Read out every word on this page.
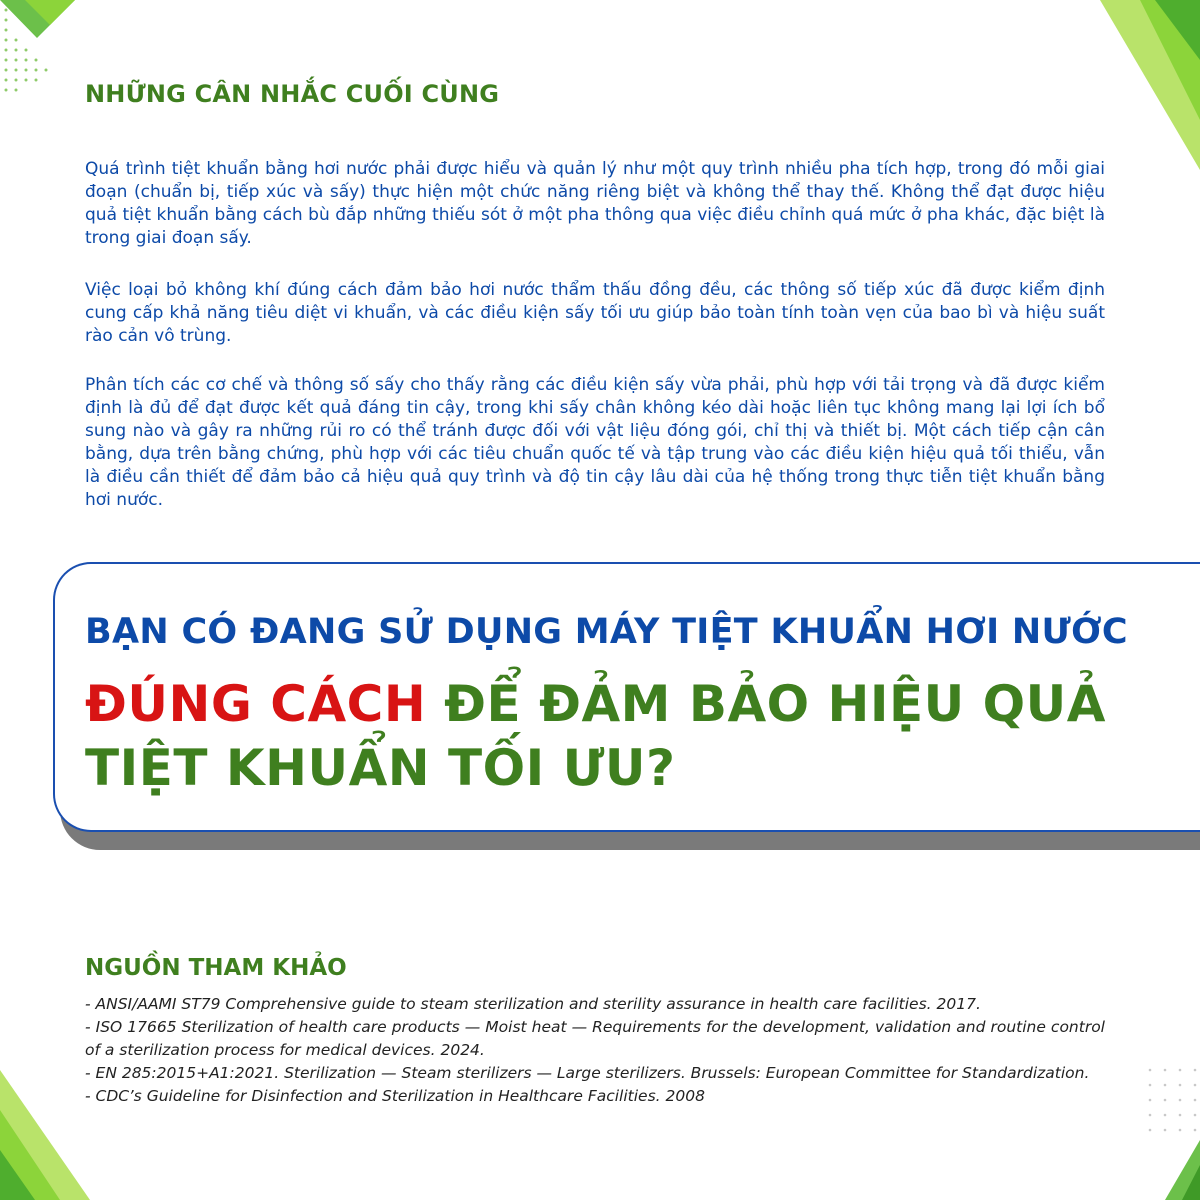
NHỮNG CÂN NHẮC CUỐI CÙNG

Quá trình tiệt khuẩn bằng hơi nước phải được hiểu và quản lý như một quy trình nhiều pha tích hợp, trong đó mỗi giai đoạn (chuẩn bị, tiếp xúc và sấy) thực hiện một chức năng riêng biệt và không thể thay thế. Không thể đạt được hiệu quả tiệt khuẩn bằng cách bù đắp những thiếu sót ở một pha thông qua việc điều chỉnh quá mức ở pha khác, đặc biệt là trong giai đoạn sấy.

Việc loại bỏ không khí đúng cách đảm bảo hơi nước thẩm thấu đồng đều, các thông số tiếp xúc đã được kiểm định cung cấp khả năng tiêu diệt vi khuẩn, và các điều kiện sấy tối ưu giúp bảo toàn tính toàn vẹn của bao bì và hiệu suất rào cản vô trùng.

Phân tích các cơ chế và thông số sấy cho thấy rằng các điều kiện sấy vừa phải, phù hợp với tải trọng và đã được kiểm định là đủ để đạt được kết quả đáng tin cậy, trong khi sấy chân không kéo dài hoặc liên tục không mang lại lợi ích bổ sung nào và gây ra những rủi ro có thể tránh được đối với vật liệu đóng gói, chỉ thị và thiết bị. Một cách tiếp cận cân bằng, dựa trên bằng chứng, phù hợp với các tiêu chuẩn quốc tế và tập trung vào các điều kiện hiệu quả tối thiểu, vẫn là điều cần thiết để đảm bảo cả hiệu quả quy trình và độ tin cậy lâu dài của hệ thống trong thực tiễn tiệt khuẩn bằng hơi nước.

BẠN CÓ ĐANG SỬ DỤNG MÁY TIỆT KHUẨN HƠI NƯỚC

ĐÚNG CÁCH ĐỂ ĐẢM BẢO HIỆU QUẢ TIỆT KHUẨN TỐI ƯU?

NGUỒN THAM KHẢO
- ANSI/AAMI ST79 Comprehensive guide to steam sterilization and sterility assurance in health care facilities. 2017.
- ISO 17665 Sterilization of health care products — Moist heat — Requirements for the development, validation and routine control of a sterilization process for medical devices. 2024.
- EN 285:2015+A1:2021. Sterilization — Steam sterilizers — Large sterilizers. Brussels: European Committee for Standardization.
- CDC’s Guideline for Disinfection and Sterilization in Healthcare Facilities. 2008
